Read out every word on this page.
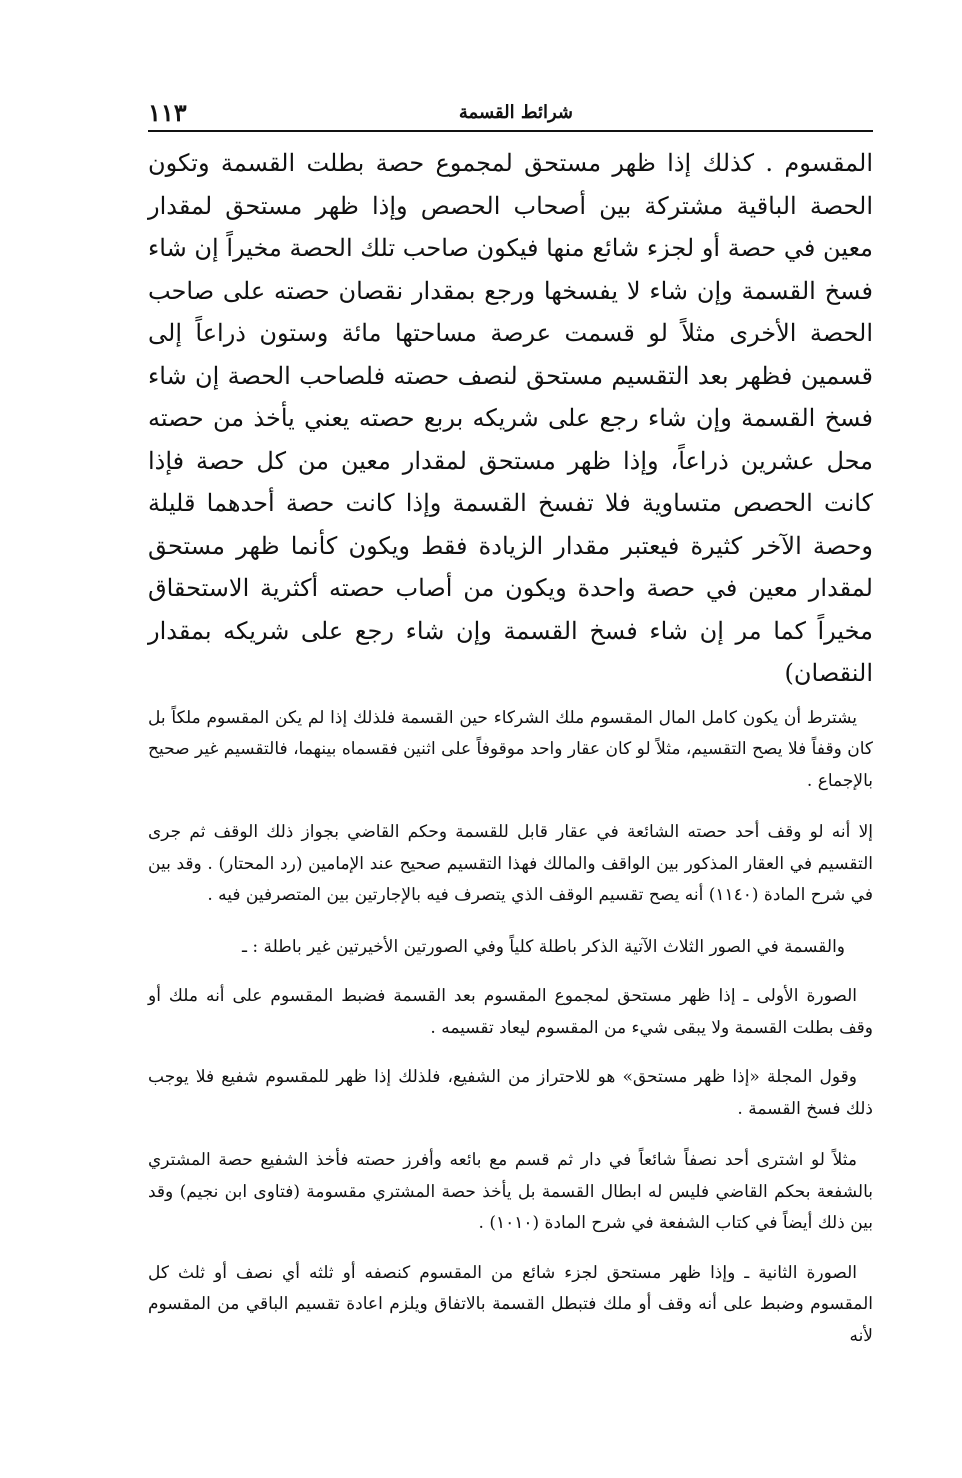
شرائط القسمة
١١٣

المقسوم . كذلك إذا ظهر مستحق لمجموع حصة بطلت القسمة وتكون الحصة الباقية مشتركة بين أصحاب الحصص وإذا ظهر مستحق لمقدار معين في حصة أو لجزء شائع منها فيكون صاحب تلك الحصة مخيراً إن شاء فسخ القسمة وإن شاء لا يفسخها ورجع بمقدار نقصان حصته على صاحب الحصة الأخرى مثلاً لو قسمت عرصة مساحتها مائة وستون ذراعاً إلى قسمين فظهر بعد التقسيم مستحق لنصف حصته فلصاحب الحصة إن شاء فسخ القسمة وإن شاء رجع على شريكه بربع حصته يعني يأخذ من حصته محل عشرين ذراعاً، وإذا ظهر مستحق لمقدار معين من كل حصة فإذا كانت الحصص متساوية فلا تفسخ القسمة وإذا كانت حصة أحدهما قليلة وحصة الآخر كثيرة فيعتبر مقدار الزيادة فقط ويكون كأنما ظهر مستحق لمقدار معين في حصة واحدة ويكون من أصاب حصته أكثرية الاستحقاق مخيراً كما مر إن شاء فسخ القسمة وإن شاء رجع على شريكه بمقدار النقصان)

يشترط أن يكون كامل المال المقسوم ملك الشركاء حين القسمة فلذلك إذا لم يكن المقسوم ملكاً بل كان وقفاً فلا يصح التقسيم، مثلاً لو كان عقار واحد موقوفاً على اثنين فقسماه بينهما، فالتقسيم غير صحيح بالإجماع .

إلا أنه لو وقف أحد حصته الشائعة في عقار قابل للقسمة وحكم القاضي بجواز ذلك الوقف ثم جرى التقسيم في العقار المذكور بين الواقف والمالك فهذا التقسيم صحيح عند الإمامين (رد المحتار) . وقد بين في شرح المادة (١١٤٠) أنه يصح تقسيم الوقف الذي يتصرف فيه بالإجارتين بين المتصرفين فيه .

والقسمة في الصور الثلاث الآتية الذكر باطلة كلياً وفي الصورتين الأخيرتين غير باطلة : ـ

الصورة الأولى ـ إذا ظهر مستحق لمجموع المقسوم بعد القسمة فضبط المقسوم على أنه ملك أو وقف بطلت القسمة ولا يبقى شيء من المقسوم ليعاد تقسيمه .

وقول المجلة «إذا ظهر مستحق» هو للاحتراز من الشفيع، فلذلك إذا ظهر للمقسوم شفيع فلا يوجب ذلك فسخ القسمة .

مثلاً لو اشترى أحد نصفاً شائعاً في دار ثم قسم مع بائعه وأفرز حصته فأخذ الشفيع حصة المشتري بالشفعة بحكم القاضي فليس له ابطال القسمة بل يأخذ حصة المشتري مقسومة (فتاوى ابن نجيم) وقد بين ذلك أيضاً في كتاب الشفعة في شرح المادة (١٠١٠) .

الصورة الثانية ـ وإذا ظهر مستحق لجزء شائع من المقسوم كنصفه أو ثلثه أي نصف أو ثلث كل المقسوم وضبط على أنه وقف أو ملك فتبطل القسمة بالاتفاق ويلزم اعادة تقسيم الباقي من المقسوم لأنه
